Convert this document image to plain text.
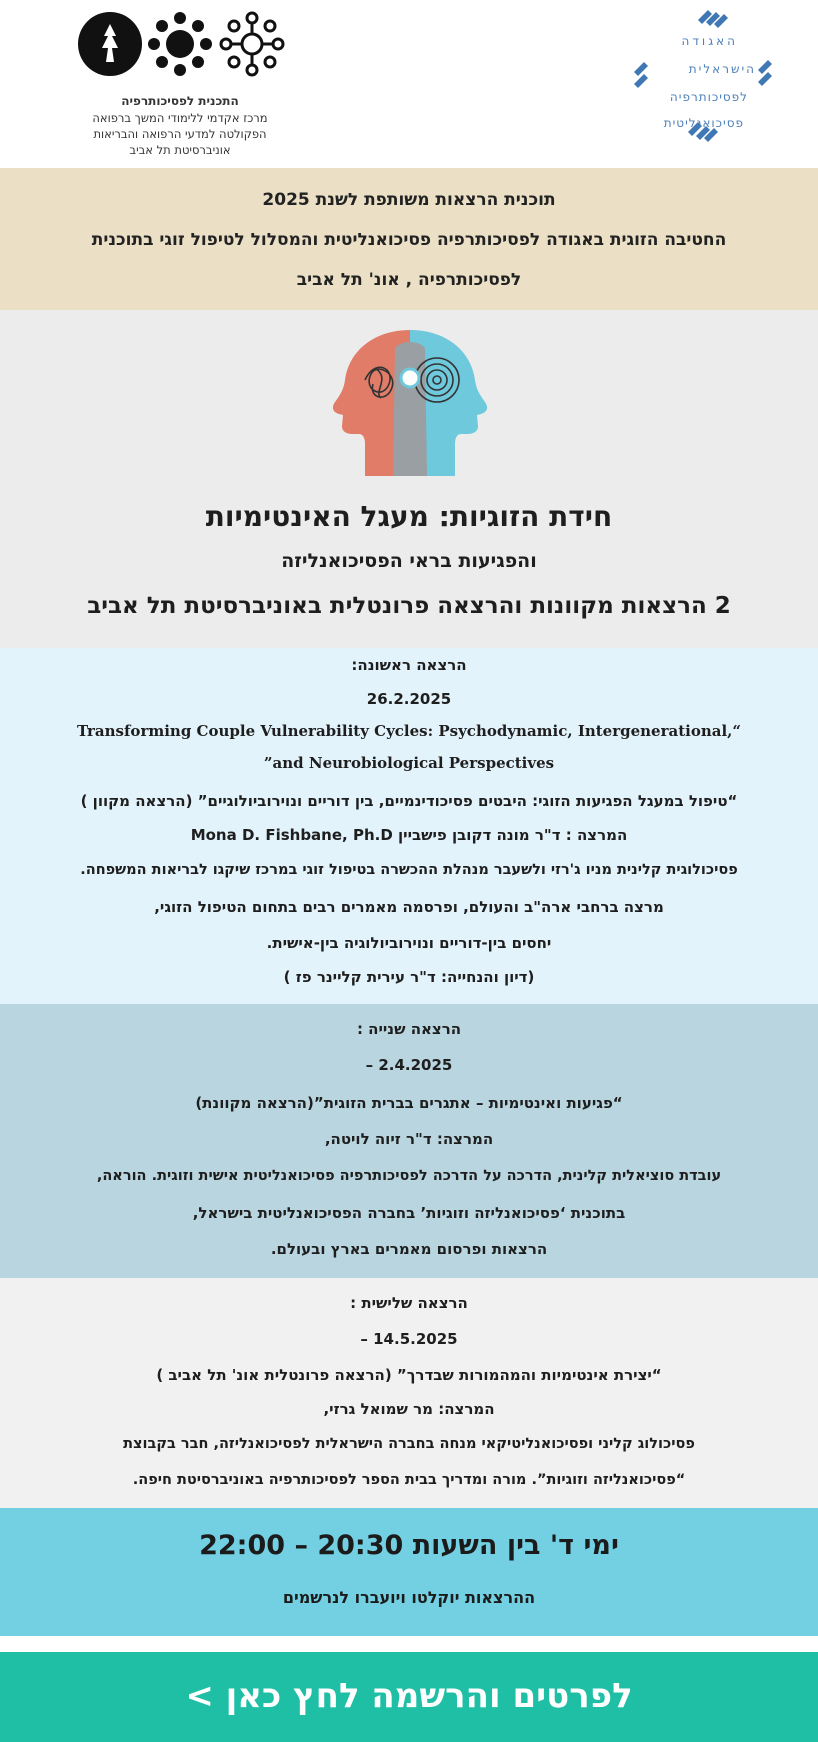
האגודה
הישראלית
לפסיכותרפיה
פסיכואנליטית
התכנית לפסיכותרפיה
מרכז אקדמי ללימודי המשך ברפואה
הפקולטה למדעי הרפואה והבריאות
אוניברסיטת תל אביב
תוכנית הרצאות משותפת לשנת 2025
החטיבה הזוגית באגודה לפסיכותרפיה פסיכואנליטית והמסלול לטיפול זוגי בתוכנית
לפסיכותרפיה , אונ' תל אביב
חידת הזוגיות: מעגל האינטימיות
והפגיעות בראי הפסיכואנליזה
2 הרצאות מקוונות והרצאה פרונטלית באוניברסיטת תל אביב
הרצאה ראשונה:
26.2.2025
Transforming Couple Vulnerability Cycles: Psychodynamic, Intergenerational,“
”and Neurobiological Perspectives
“טיפול במעגל הפגיעות הזוגי: היבטים פסיכודינמיים, בין דוריים ונוירוביולוגיים” (הרצאה מקוון )
המרצה : ד"ר מונה דקובן פישביין Mona D. Fishbane, Ph.D
פסיכולוגית קלינית מניו ג'רזי ולשעבר מנהלת ההכשרה בטיפול זוגי במרכז שיקגו לבריאות המשפחה.
מרצה ברחבי ארה"ב והעולם, ופרסמה מאמרים רבים בתחום הטיפול הזוגי,
יחסים בין-דוריים ונוירוביולוגיה בין-אישית.
(דיון והנחייה: ד"ר עירית קליינר פז )
הרצאה שנייה :
2.4.2025 –
“פגיעות ואינטימיות – אתגרים בברית הזוגית”(הרצאה מקוונת)
המרצה: ד"ר זיוה לויטה,
עובדת סוציאלית קלינית, הדרכה על הדרכה לפסיכותרפיה פסיכואנליטית אישית וזוגית. הוראה,
בתוכנית ‘פסיכואנליזה וזוגיות’ בחברה הפסיכואנליטית בישראל,
הרצאות ופרסום מאמרים בארץ ובעולם.
הרצאה שלישית :
14.5.2025 –
“יצירת אינטימיות והמהמורות שבדרך” (הרצאה פרונטלית אונ' תל אביב )
המרצה: מר שמואל גרזי,
פסיכולוג קליני ופסיכואנליטיקאי מנחה בחברה הישראלית לפסיכואנליזה, חבר בקבוצת
“פסיכואנליזה וזוגיות”. מורה ומדריך בבית הספר לפסיכותרפיה באוניברסיטת חיפה.
ימי ד' בין השעות 20:30 – 22:00
ההרצאות יוקלטו ויועברו לנרשמים
לפרטים והרשמה לחץ כאן >
